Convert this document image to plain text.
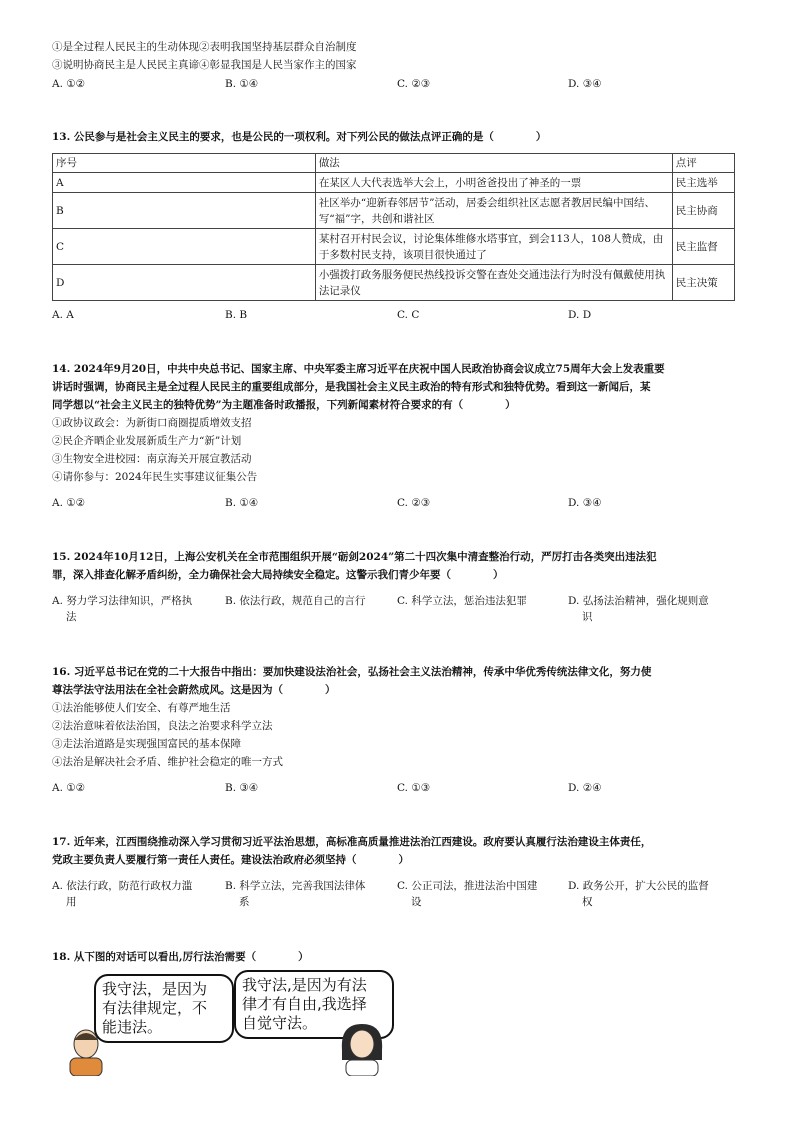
①是全过程人民民主的生动体现②表明我国坚持基层群众自治制度
③说明协商民主是人民民主真谛④彰显我国是人民当家作主的国家
A. ①②	B. ①④	C. ②③	D. ③④
13. 公民参与是社会主义民主的要求，也是公民的一项权利。对下列公民的做法点评正确的是（　　　　）
序号	做法	点评
A	在某区人大代表选举大会上，小明爸爸投出了神圣的一票	民主选举
B	社区举办“迎新春邻居节”活动，居委会组织社区志愿者教居民编中国结、写“福”字，共创和谐社区	民主协商
C	某村召开村民会议，讨论集体维修水塔事宜，到会113人，108人赞成，由于多数村民支持，该项目很快通过了	民主监督
D	小强拨打政务服务便民热线投诉交警在查处交通违法行为时没有佩戴使用执法记录仪	民主决策
A. A	B. B	C. C	D. D
14. 2024年9月20日，中共中央总书记、国家主席、中央军委主席习近平在庆祝中国人民政治协商会议成立75周年大会上发表重要
讲话时强调，协商民主是全过程人民民主的重要组成部分，是我国社会主义民主政治的特有形式和独特优势。看到这一新闻后，某
同学想以“社会主义民主的独特优势”为主题准备时政播报，下列新闻素材符合要求的有（　　　　）
①政协议政会：为新街口商圈提质增效支招
②民企齐晒企业发展新质生产力“新”计划
③生物安全进校园：南京海关开展宣教活动
④请你参与：2024年民生实事建议征集公告
A. ①②	B. ①④	C. ②③	D. ③④
15. 2024年10月12日，上海公安机关在全市范围组织开展“砺剑2024”第二十四次集中清查整治行动，严厉打击各类突出违法犯
罪，深入排查化解矛盾纠纷，全力确保社会大局持续安全稳定。这警示我们青少年要（　　　　）
A. 努力学习法律知识，严格执
法
B. 依法行政，规范自己的言行	C. 科学立法，惩治违法犯罪	D. 弘扬法治精神，强化规则意
识
16. 习近平总书记在党的二十大报告中指出：要加快建设法治社会，弘扬社会主义法治精神，传承中华优秀传统法律文化，努力使
尊法学法守法用法在全社会蔚然成风。这是因为（　　　　）
①法治能够使人们安全、有尊严地生活
②法治意味着依法治国，良法之治要求科学立法
③走法治道路是实现强国富民的基本保障
④法治是解决社会矛盾、维护社会稳定的唯一方式
A. ①②	B. ③④	C. ①③	D. ②④
17. 近年来，江西围绕推动深入学习贯彻习近平法治思想，高标准高质量推进法治江西建设。政府要认真履行法治建设主体责任，
党政主要负责人要履行第一责任人责任。建设法治政府必须坚持（　　　　）
A. 依法行政，防范行政权力滥
用
B. 科学立法，完善我国法律体
系
C. 公正司法，推进法治中国建
设
D. 政务公开，扩大公民的监督
权
18. 从下图的对话可以看出,厉行法治需要（　　　　）
我守法，是因为
有法律规定，不
能违法。
我守法,是因为有法
律才有自由,我选择
自觉守法。
